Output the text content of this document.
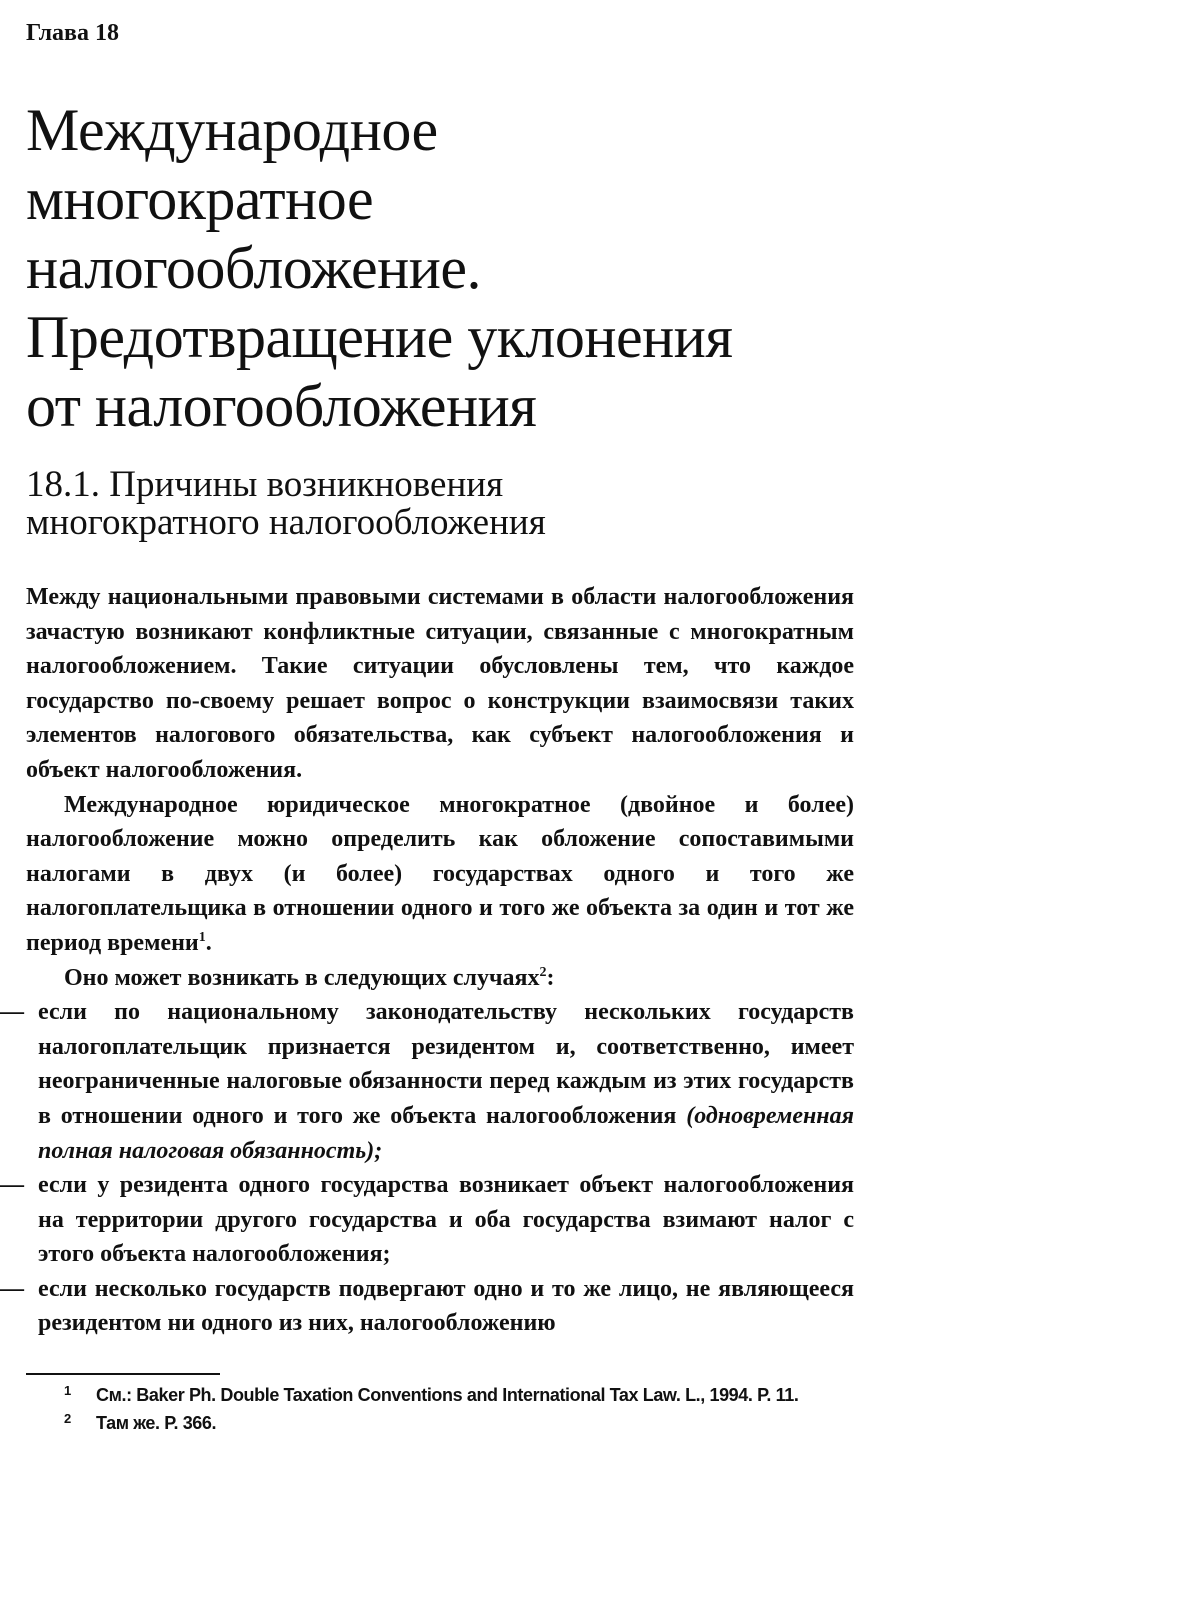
Глава 18
Международное
многократное
налогообложение.
Предотвращение уклонения
от налогообложения
18.1. Причины возникновения
многократного налогообложения

Между национальными правовыми системами в области налогообложения зачастую возникают конфликтные ситуации, связанные с многократным налогообложением. Такие ситуации обусловлены тем, что каждое государство по-своему решает вопрос о конструкции взаимосвязи таких элементов налогового обязательства, как субъект налогообложения и объект налогообложения.

Международное юридическое многократное (двойное и более) налогообложение можно определить как обложение сопоставимыми налогами в двух (и более) государствах одного и того же налогоплательщика в отношении одного и того же объекта за один и тот же период времени$^1$.

Оно может возникать в следующих случаях$^2$:

— если по национальному законодательству нескольких государств налогоплательщик признается резидентом и, соответственно, имеет неограниченные налоговые обязанности перед каждым из этих государств в отношении одного и того же объекта налогообложения (одновременная полная налоговая обязанность);
— если у резидента одного государства возникает объект налогообложения на территории другого государства и оба государства взимают налог с этого объекта налогообложения;
— если несколько государств подвергают одно и то же лицо, не являющееся резидентом ни одного из них, налогообложению
1 См.: Baker Ph. Double Taxation Conventions and International Tax Law. L., 1994. P. 11.
2 Там же. P. 366.
